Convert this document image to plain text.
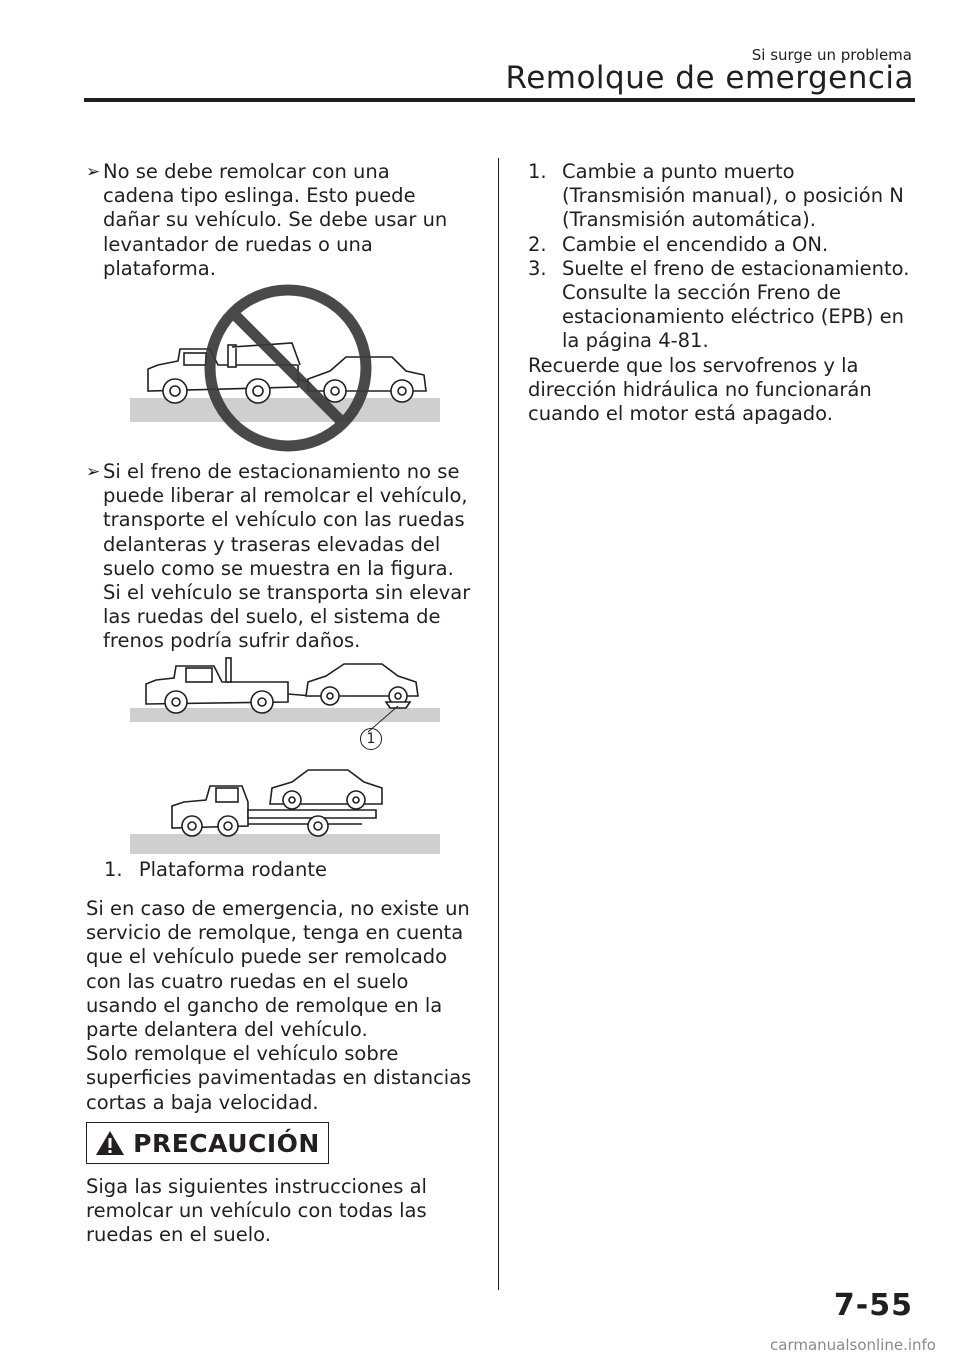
Si surge un problema
Remolque de emergencia
➢ No se debe remolcar con una
cadena tipo eslinga. Esto puede
dañar su vehículo. Se debe usar un
levantador de ruedas o una
plataforma.
➢ Si el freno de estacionamiento no se
puede liberar al remolcar el vehículo,
transporte el vehículo con las ruedas
delanteras y traseras elevadas del
suelo como se muestra en la figura.
Si el vehículo se transporta sin elevar
las ruedas del suelo, el sistema de
frenos podría sufrir daños.
1
1. Plataforma rodante
Si en caso de emergencia, no existe un
servicio de remolque, tenga en cuenta
que el vehículo puede ser remolcado
con las cuatro ruedas en el suelo
usando el gancho de remolque en la
parte delantera del vehículo.
Solo remolque el vehículo sobre
superficies pavimentadas en distancias
cortas a baja velocidad.
PRECAUCIÓN
Siga las siguientes instrucciones al
remolcar un vehículo con todas las
ruedas en el suelo.
1. Cambie a punto muerto
(Transmisión manual), o posición N
(Transmisión automática).
2. Cambie el encendido a ON.
3. Suelte el freno de estacionamiento.
Consulte la sección Freno de
estacionamiento eléctrico (EPB) en
la página 4-81.
Recuerde que los servofrenos y la
dirección hidráulica no funcionarán
cuando el motor está apagado.
7-55
carmanualsonline.info
